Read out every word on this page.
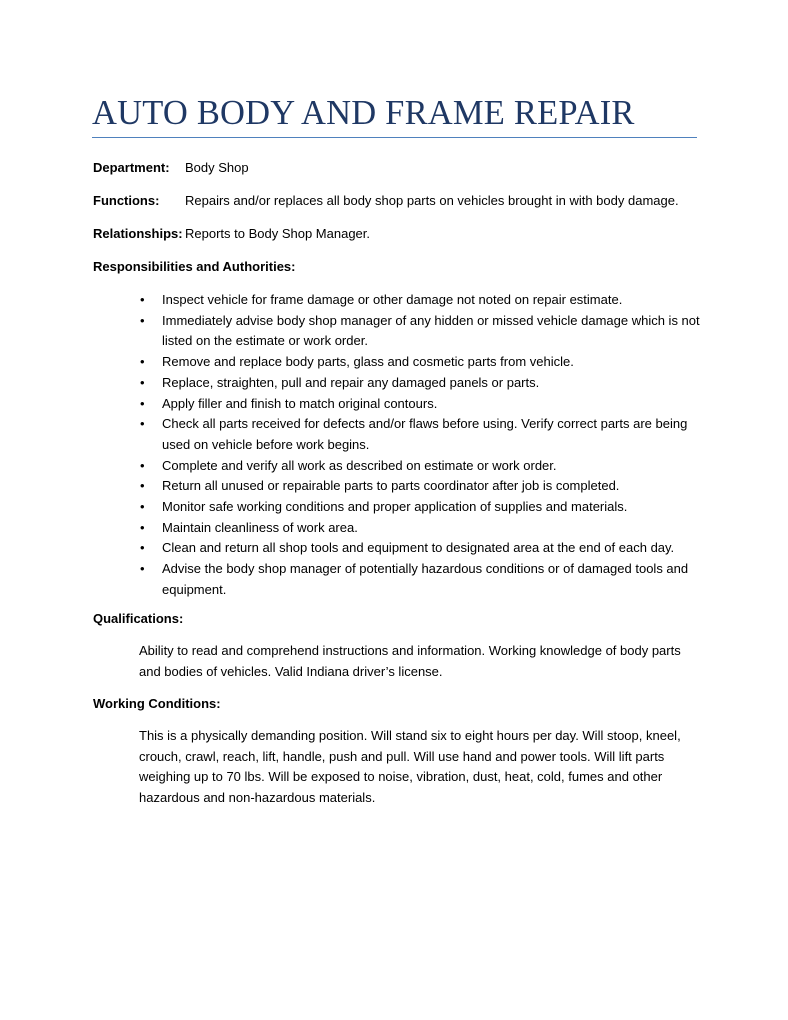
AUTO BODY AND FRAME REPAIR
Department: Body Shop
Functions: Repairs and/or replaces all body shop parts on vehicles brought in with body damage.
Relationships: Reports to Body Shop Manager.
Responsibilities and Authorities:
• Inspect vehicle for frame damage or other damage not noted on repair estimate.
• Immediately advise body shop manager of any hidden or missed vehicle damage which is not listed on the estimate or work order.
• Remove and replace body parts, glass and cosmetic parts from vehicle.
• Replace, straighten, pull and repair any damaged panels or parts.
• Apply filler and finish to match original contours.
• Check all parts received for defects and/or flaws before using. Verify correct parts are being used on vehicle before work begins.
• Complete and verify all work as described on estimate or work order.
• Return all unused or repairable parts to parts coordinator after job is completed.
• Monitor safe working conditions and proper application of supplies and materials.
• Maintain cleanliness of work area.
• Clean and return all shop tools and equipment to designated area at the end of each day.
• Advise the body shop manager of potentially hazardous conditions or of damaged tools and equipment.
Qualifications:

Ability to read and comprehend instructions and information. Working knowledge of body parts and bodies of vehicles. Valid Indiana driver’s license.

Working Conditions:

This is a physically demanding position. Will stand six to eight hours per day. Will stoop, kneel, crouch, crawl, reach, lift, handle, push and pull. Will use hand and power tools. Will lift parts weighing up to 70 lbs. Will be exposed to noise, vibration, dust, heat, cold, fumes and other hazardous and non-hazardous materials.
